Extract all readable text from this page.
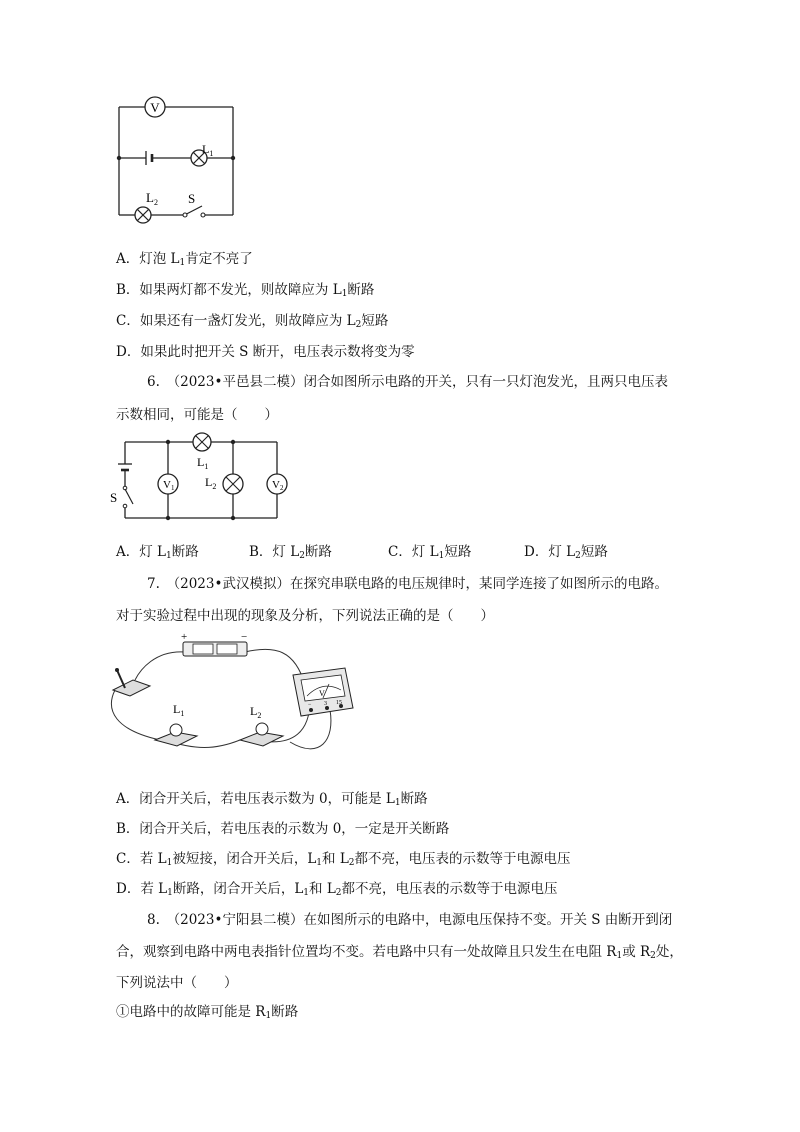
V
$L_1$
$L_2$ S
A．灯泡 $L_1$肯定不亮了
B．如果两灯都不发光，则故障应为 $L_1$断路
C．如果还有一盏灯发光，则故障应为 $L_2$短路
D．如果此时把开关 S 断开，电压表示数将变为零
6.　（2023•平邑县二模）闭合如图所示电路的开关，只有一只灯泡发光，且两只电压表
示数相同，可能是（　　）
S
$L_1$
V1	$L_2$	V2
A．灯 $L_1$断路	B．灯 $L_2$断路	C．灯 $L_1$短路	D．灯 $L_2$短路
7.　（2023•武汉模拟）在探究串联电路的电压规律时，某同学连接了如图所示的电路。
对于实验过程中出现的现象及分析，下列说法正确的是（　　）
+	−
$L_1$	$L_2$
V
− 3 15
A．闭合开关后，若电压表示数为 0，可能是 $L_1$断路
B．闭合开关后，若电压表的示数为 0，一定是开关断路
C．若 $L_1$被短接，闭合开关后，$L_1$和 $L_2$都不亮，电压表的示数等于电源电压
D．若 $L_1$断路，闭合开关后，$L_1$和 $L_2$都不亮，电压表的示数等于电源电压
8.　（2023•宁阳县二模）在如图所示的电路中，电源电压保持不变。开关 S 由断开到闭
合，观察到电路中两电表指针位置均不变。若电路中只有一处故障且只发生在电阻 $R_1$或 $R_2$处，
下列说法中（　　）
①电路中的故障可能是 $R_1$断路
